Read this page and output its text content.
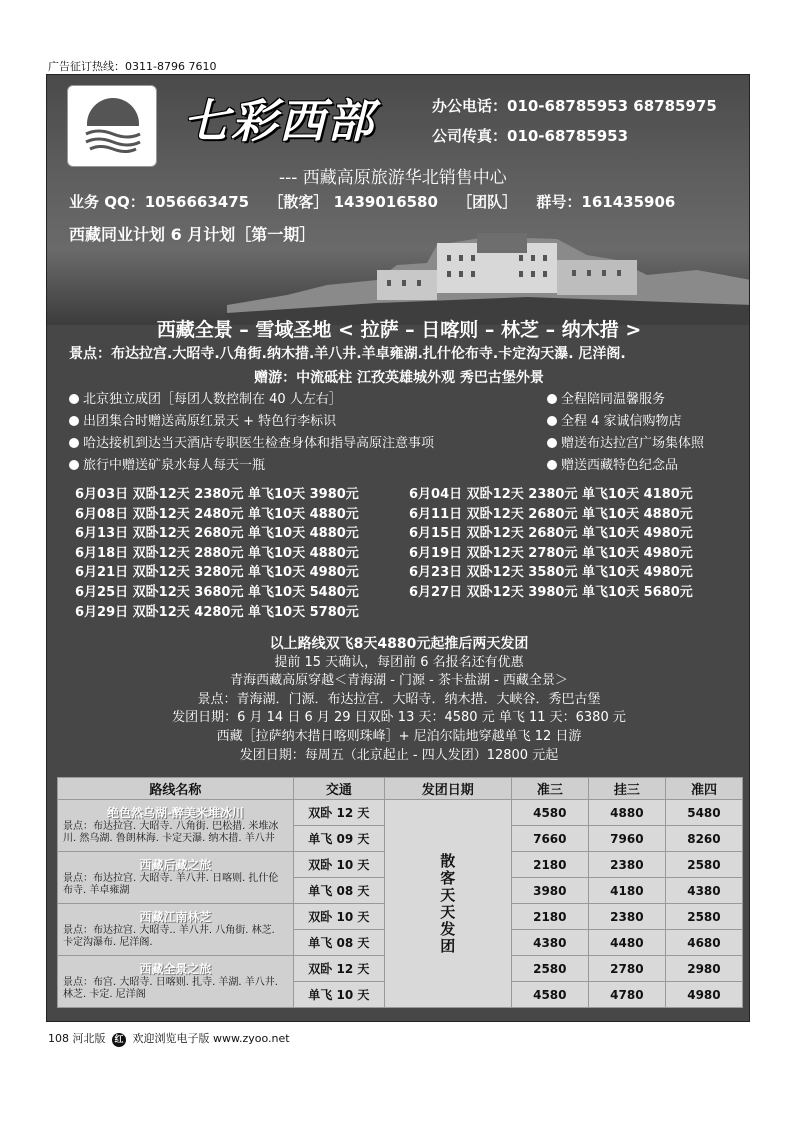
广告征订热线：0311-8796 7610
七彩西部	办公电话：010-68785953 68785975
公司传真：010-68785953
--- 西藏高原旅游华北销售中心
业务 QQ：1056663475 ［散客］ 1439016580 ［团队］ 群号：161435906
西藏同业计划 6 月计划［第一期］
西藏全景 – 雪域圣地 < 拉萨 – 日喀则 – 林芝 – 纳木措 >
景点：布达拉宫.大昭寺.八角街.纳木措.羊八井.羊卓雍湖.扎什伦布寺.卡定沟天瀑. 尼洋阁.
赠游：中流砥柱 江孜英雄城外观 秀巴古堡外景
北京独立成团［每团人数控制在 40 人左右］
出团集合时赠送高原红景天 + 特色行李标识
哈达接机到达当天酒店专职医生检查身体和指导高原注意事项
旅行中赠送矿泉水每人每天一瓶
全程陪同温馨服务
全程 4 家诚信购物店
赠送布达拉宫广场集体照
赠送西藏特色纪念品
6月03日 双卧12天 2380元 单飞10天 3980元
6月08日 双卧12天 2480元 单飞10天 4880元
6月13日 双卧12天 2680元 单飞10天 4880元
6月18日 双卧12天 2880元 单飞10天 4880元
6月21日 双卧12天 3280元 单飞10天 4980元
6月25日 双卧12天 3680元 单飞10天 5480元
6月29日 双卧12天 4280元 单飞10天 5780元
6月04日 双卧12天 2380元 单飞10天 4180元
6月11日 双卧12天 2680元 单飞10天 4880元
6月15日 双卧12天 2680元 单飞10天 4980元
6月19日 双卧12天 2780元 单飞10天 4980元
6月23日 双卧12天 3580元 单飞10天 4980元
6月27日 双卧12天 3980元 单飞10天 5680元
以上路线双飞8天4880元起推后两天发团
提前 15 天确认，每团前 6 名报名还有优惠
青海西藏高原穿越＜青海湖 - 门源 - 茶卡盐湖 - 西藏全景＞
景点：青海湖．门源．布达拉宫．大昭寺．纳木措．大峡谷．秀巴古堡
发团日期：6 月 14 日 6 月 29 日双卧 13 天：4580 元 单飞 11 天：6380 元
西藏［拉萨纳木措日喀则珠峰］+ 尼泊尔陆地穿越单飞 12 日游
发团日期：每周五（北京起止 - 四人发团）12800 元起
路线名称	交通	发团日期	准三	挂三	准四

绝色然乌湖-醉美米堆冰川
景点：布达拉宫. 大昭寺. 八角街. 巴松措. 米堆冰川. 然乌湖. 鲁朗林海. 卡定天瀑. 纳木措. 羊八井	双卧 12 天	散客天天发团	4580	4880	5480
	单飞 09 天		7660	7960	8260

西藏后藏之旅
景点：布达拉宫. 大昭寺. 羊八井. 日喀则. 扎什伦布寺. 羊卓雍湖	双卧 10 天		2180	2380	2580
	单飞 08 天		3980	4180	4380

西藏江南林芝
景点：布达拉宫. 大昭寺.. 羊八井. 八角街. 林芝. 卡定沟瀑布. 尼洋阁.	双卧 10 天		2180	2380	2580
	单飞 08 天		4380	4480	4680

西藏全景之旅
景点：布宫. 大昭寺. 日喀则. 扎寺. 羊湖. 羊八井. 林芝. 卡定. 尼洋阁	双卧 12 天		2580	2780	2980
	单飞 10 天		4580	4780	4980
108 河北版 红 欢迎浏览电子版 www.zyoo.net
